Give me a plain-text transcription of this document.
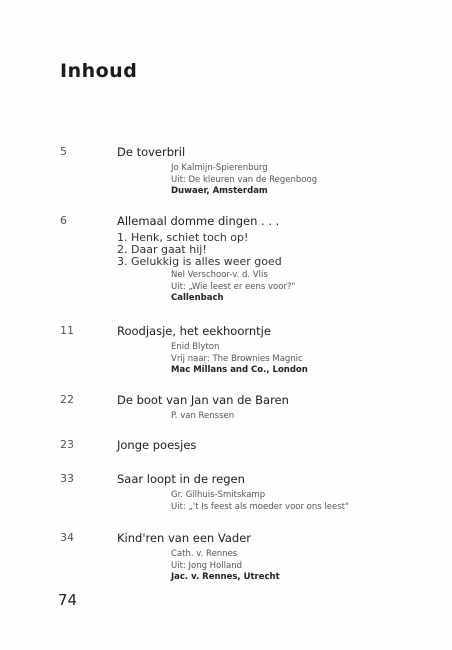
Inhoud
5	De toverbril
Jo Kalmijn-Spierenburg
Uit: De kleuren van de Regenboog
Duwaer, Amsterdam
6	Allemaal domme dingen . . .
1. Henk, schiet toch op!
2. Daar gaat hij!
3. Gelukkig is alles weer goed
Nel Verschoor-v. d. Vlis
Uit: „Wie leest er eens voor?"
Callenbach
11	Roodjasje, het eekhoorntje
Enid Blyton
Vrij naar: The Brownies Magnic
Mac Millans and Co., London
22	De boot van Jan van de Baren
P. van Renssen
23	Jonge poesjes
33	Saar loopt in de regen
Gr. Gilhuis-Smitskamp
Uit: „'t Is feest als moeder voor ons leest"
34	Kind'ren van een Vader
Cath. v. Rennes
Uit: Jong Holland
Jac. v. Rennes, Utrecht
74
